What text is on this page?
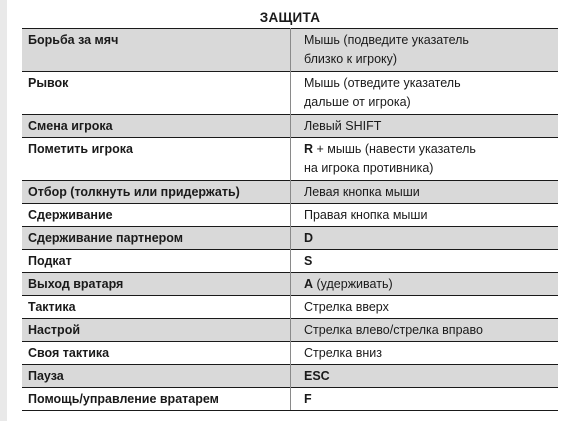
ЗАЩИТА
Борьба за мяч	Мышь (подведите указатель
близко к игроку)

Рывок	Мышь (отведите указатель
дальше от игрока)

Смена игрока	Левый SHIFT
Пометить игрока	R + мышь (навести указатель
на игрока противника)

Отбор (толкнуть или придержать)	Левая кнопка мыши
Сдерживание	Правая кнопка мыши
Сдерживание партнером	D
Подкат	S
Выход вратаря	A (удерживать)
Тактика	Стрелка вверх
Настрой	Стрелка влево/стрелка вправо
Своя тактика	Стрелка вниз
Пауза	ESC
Помощь/управление вратарем	F
